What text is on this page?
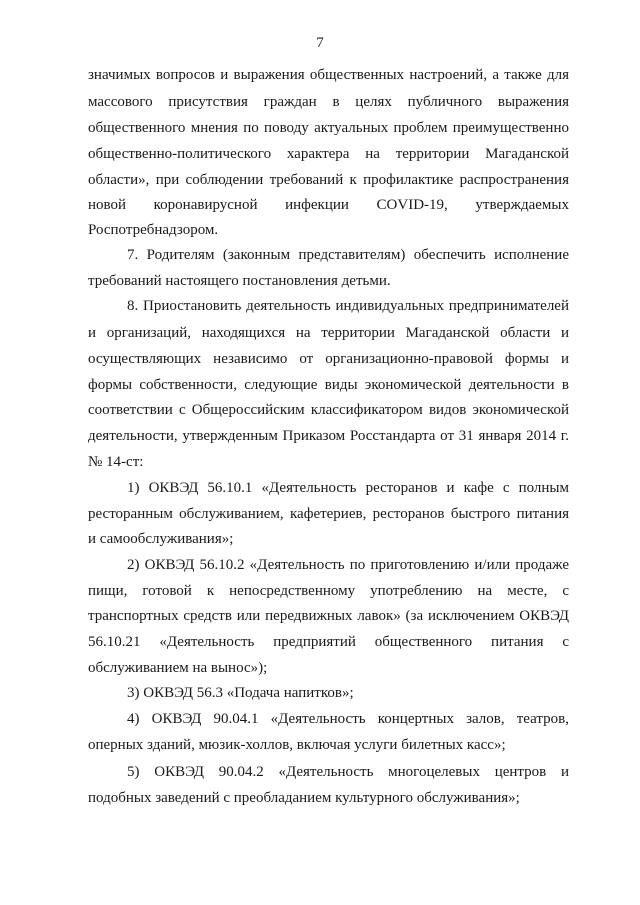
7
значимых вопросов и выражения общественных настроений, а также для
массового присутствия граждан в целях публичного выражения
общественного мнения по поводу актуальных проблем преимущественно
общественно-политического характера на территории Магаданской
области», при соблюдении требований к профилактике распространения
новой коронавирусной инфекции COVID-19, утверждаемых
Роспотребнадзором.
7. Родителям (законным представителям) обеспечить исполнение
требований настоящего постановления детьми.
8. Приостановить деятельность индивидуальных предпринимателей
и организаций, находящихся на территории Магаданской области и
осуществляющих независимо от организационно-правовой формы и
формы собственности, следующие виды экономической деятельности в
соответствии с Общероссийским классификатором видов экономической
деятельности, утвержденным Приказом Росстандарта от 31 января 2014 г.
№ 14-ст:
1) ОКВЭД 56.10.1 «Деятельность ресторанов и кафе с полным
ресторанным обслуживанием, кафетериев, ресторанов быстрого питания
и самообслуживания»;
2) ОКВЭД 56.10.2 «Деятельность по приготовлению и/или продаже
пищи, готовой к непосредственному употреблению на месте, с
транспортных средств или передвижных лавок» (за исключением ОКВЭД
56.10.21 «Деятельность предприятий общественного питания с
обслуживанием на вынос»);
3) ОКВЭД 56.3 «Подача напитков»;
4) ОКВЭД 90.04.1 «Деятельность концертных залов, театров,
оперных зданий, мюзик-холлов, включая услуги билетных касс»;
5) ОКВЭД 90.04.2 «Деятельность многоцелевых центров и
подобных заведений с преобладанием культурного обслуживания»;
